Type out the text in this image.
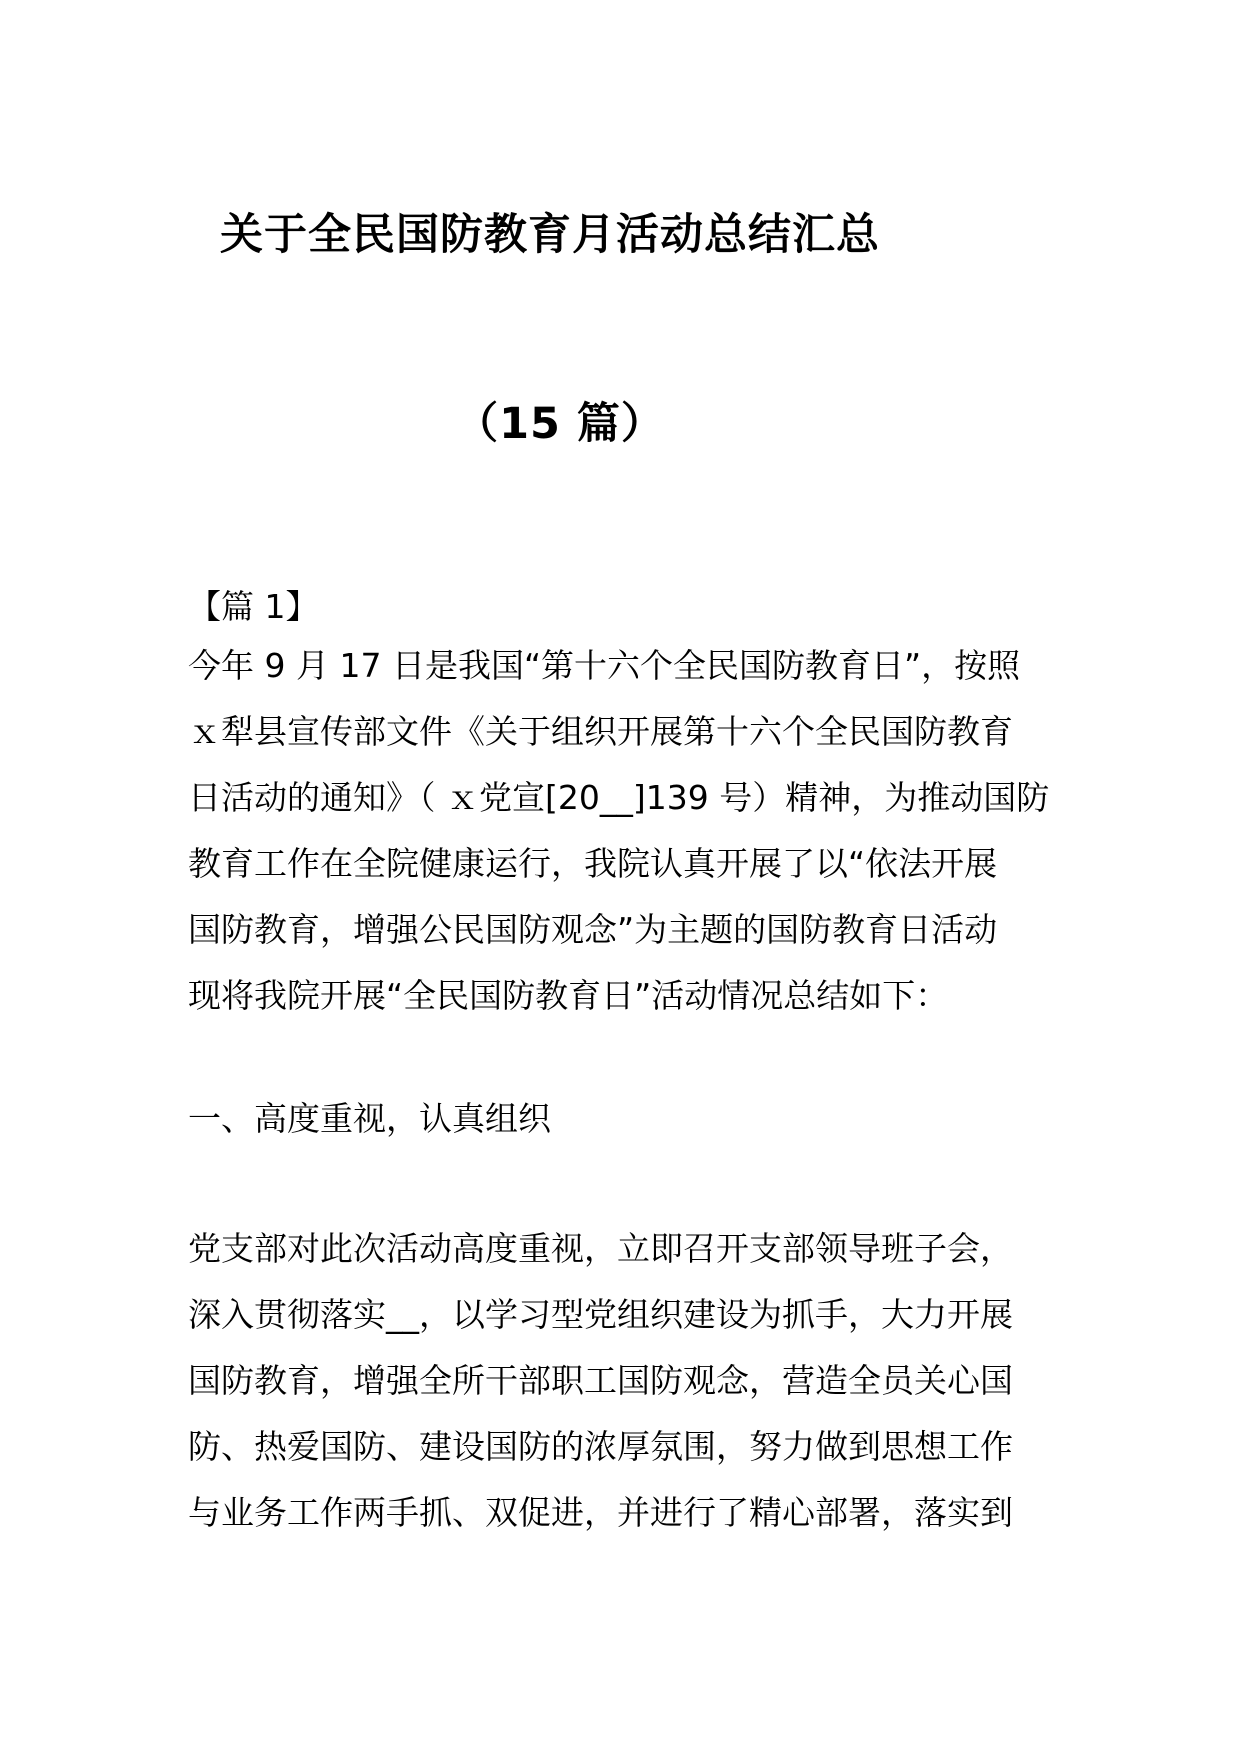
关于全民国防教育月活动总结汇总
（15 篇）

【篇 1】

今年 9 月 17 日是我国“第十六个全民国防教育日”，按照
ｘ犁县宣传部文件《关于组织开展第十六个全民国防教育
日活动的通知》（ ｘ党宣[20__]139 号）精神，为推动国防
教育工作在全院健康运行，我院认真开展了以“依法开展
国防教育，增强公民国防观念”为主题的国防教育日活动
现将我院开展“全民国防教育日”活动情况总结如下：

一、高度重视，认真组织

党支部对此次活动高度重视，立即召开支部领导班子会，
深入贯彻落实__，以学习型党组织建设为抓手，大力开展
国防教育，增强全所干部职工国防观念，营造全员关心国
防、热爱国防、建设国防的浓厚氛围，努力做到思想工作
与业务工作两手抓、双促进，并进行了精心部署，落实到
